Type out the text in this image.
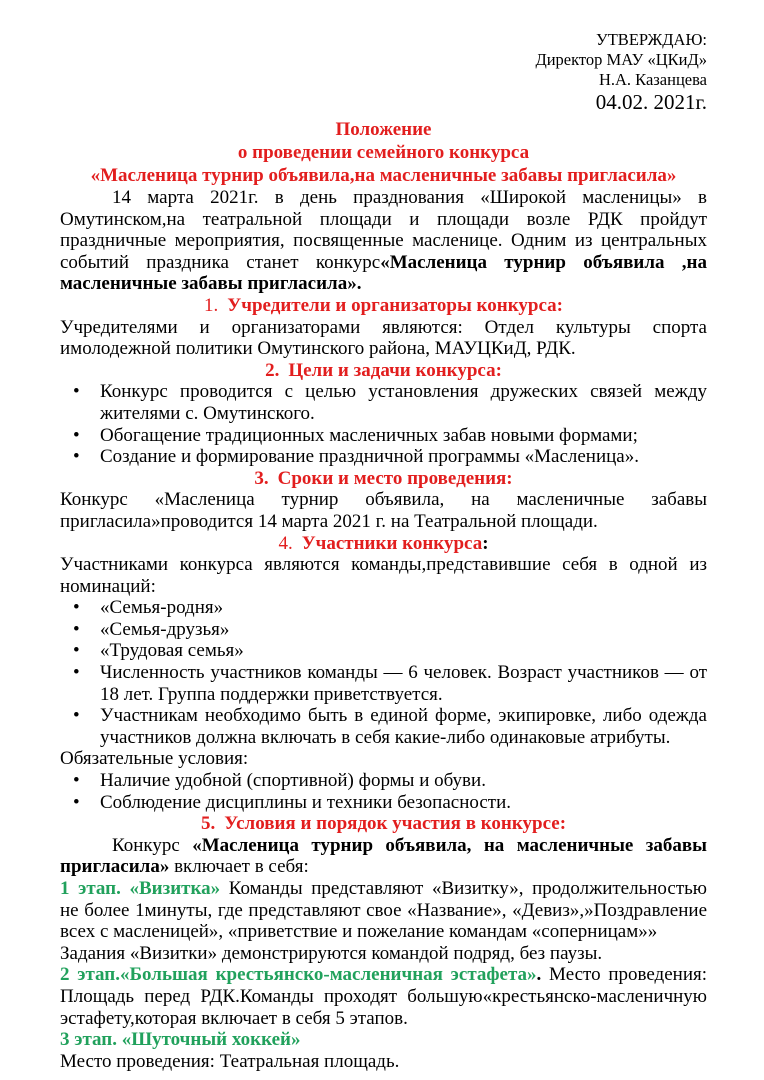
УТВЕРЖДАЮ:
Директор МАУ «ЦКиД»
Н.А. Казанцева
04.02. 2021г.
Положение
о проведении семейного конкурса
«Масленица турнир объявила,на масленичные забавы пригласила»

14 марта 2021г. в день празднования «Широкой масленицы» в Омутинском,на театральной площади и площади возле РДК пройдут праздничные мероприятия, посвященные масленице. Одним из центральных событий праздника станет конкурс«Масленица турнир объявила ,на масленичные забавы пригласила».

1. Учредители и организаторы конкурса:

Учредителями и организаторами являются: Отдел культуры спорта имолодежной политики Омутинского района, МАУЦКиД, РДК.

2. Цели и задачи конкурса:
• Конкурс проводится с целью установления дружеских связей между жителями с. Омутинского.
• Обогащение традиционных масленичных забав новыми формами;
• Создание и формирование праздничной программы «Масленица».
3. Сроки и место проведения:

Конкурс «Масленица турнир объявила, на масленичные забавы пригласила»проводится 14 марта 2021 г. на Театральной площади.

4. Участники конкурса:

Участниками конкурса являются команды,представившие себя в одной из номинаций:

• «Семья-родня»
• «Семья-друзья»
• «Трудовая семья»
• Численность участников команды — 6 человек. Возраст участников — от 18 лет. Группа поддержки приветствуется.
• Участникам необходимо быть в единой форме, экипировке, либо одежда участников должна включать в себя какие-либо одинаковые атрибуты.

Обязательные условия:

• Наличие удобной (спортивной) формы и обуви.
• Соблюдение дисциплины и техники безопасности.
5. Условия и порядок участия в конкурсе:

Конкурс «Масленица турнир объявила, на масленичные забавы пригласила» включает в себя:

1 этап. «Визитка» Команды представляют «Визитку», продолжительностью не более 1минуты, где представляют свое «Название», «Девиз»,»Поздравление всех с масленицей», «приветствие и пожелание командам «соперницам»»

Задания «Визитки» демонстрируются командой подряд, без паузы.

2 этап.«Большая крестьянско-масленичная эстафета». Место проведения: Площадь перед РДК.Команды проходят большую«крестьянско-масленичную эстафету,которая включает в себя 5 этапов.

3 этап. «Шуточный хоккей»

Место проведения: Театральная площадь.
